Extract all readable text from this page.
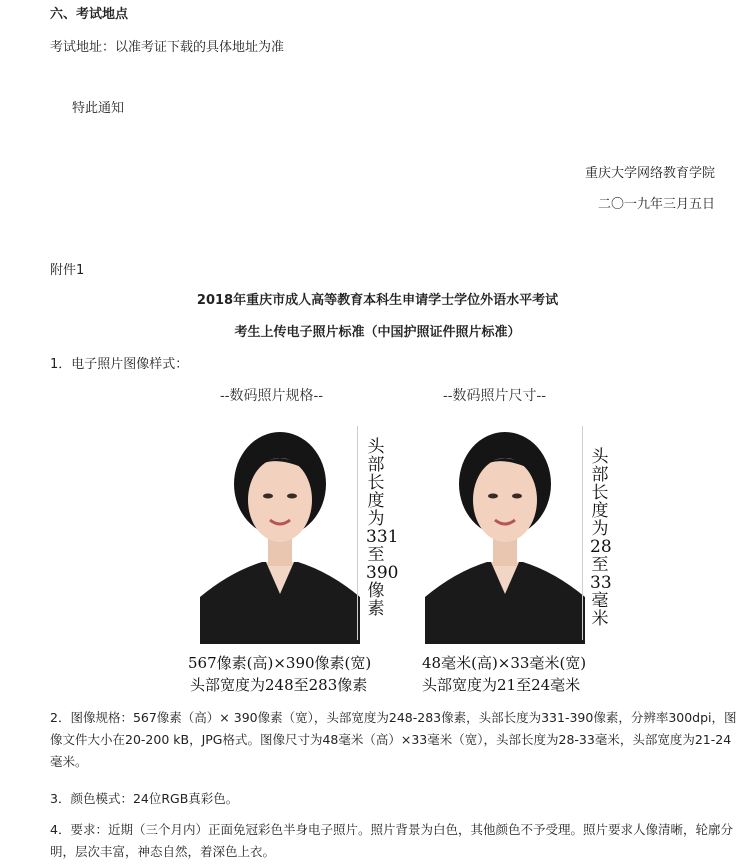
六、考试地点
考试地址：以准考证下载的具体地址为准
特此通知
重庆大学网络教育学院
二〇一九年三月五日
附件1
2018年重庆市成人高等教育本科生申请学士学位外语水平考试
考生上传电子照片标准（中国护照证件照片标准）
1．电子照片图像样式：
--数码照片规格--
头部长度为331至390像素
567像素(高)×390像素(宽)
头部宽度为248至283像素
--数码照片尺寸--
头部长度为28至33毫米
48毫米(高)×33毫米(宽)
头部宽度为21至24毫米
2．图像规格：567像素（高）× 390像素（宽），头部宽度为248-283像素，头部长度为331-390像素，分辨率300dpi，图像文件大小在20-200 kB，JPG格式。图像尺寸为48毫米（高）×33毫米（宽），头部长度为28-33毫米，头部宽度为21-24毫米。
3．颜色模式：24位RGB真彩色。
4．要求：近期（三个月内）正面免冠彩色半身电子照片。照片背景为白色，其他颜色不予受理。照片要求人像清晰，轮廓分明，层次丰富，神态自然，着深色上衣。
